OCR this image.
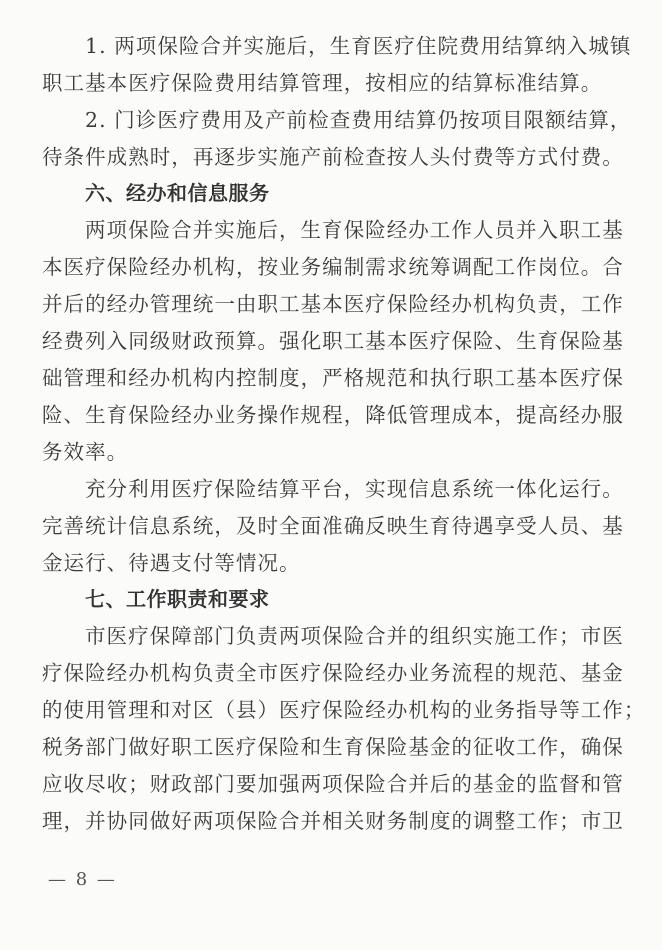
1. 两项保险合并实施后，生育医疗住院费用结算纳入城镇
职工基本医疗保险费用结算管理，按相应的结算标准结算。
2. 门诊医疗费用及产前检查费用结算仍按项目限额结算，
待条件成熟时，再逐步实施产前检查按人头付费等方式付费。
六、经办和信息服务
两项保险合并实施后，生育保险经办工作人员并入职工基
本医疗保险经办机构，按业务编制需求统筹调配工作岗位。合
并后的经办管理统一由职工基本医疗保险经办机构负责，工作
经费列入同级财政预算。强化职工基本医疗保险、生育保险基
础管理和经办机构内控制度，严格规范和执行职工基本医疗保
险、生育保险经办业务操作规程，降低管理成本，提高经办服
务效率。
充分利用医疗保险结算平台，实现信息系统一体化运行。
完善统计信息系统，及时全面准确反映生育待遇享受人员、基
金运行、待遇支付等情况。
七、工作职责和要求
市医疗保障部门负责两项保险合并的组织实施工作；市医
疗保险经办机构负责全市医疗保险经办业务流程的规范、基金
的使用管理和对区（县）医疗保险经办机构的业务指导等工作；
税务部门做好职工医疗保险和生育保险基金的征收工作，确保
应收尽收；财政部门要加强两项保险合并后的基金的监督和管
理，并协同做好两项保险合并相关财务制度的调整工作；市卫
— 8 —
